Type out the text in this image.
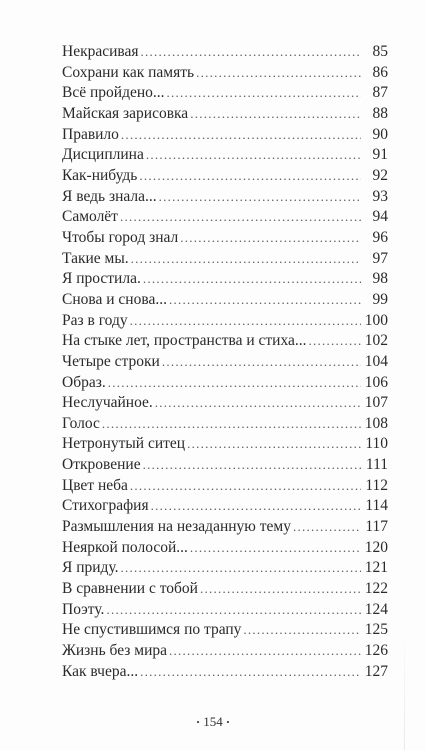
Некрасивая . . .	85
Сохрани как память . . .	86
Всё пройдено... . . .	87
Майская зарисовка . . .	88
Правило . . .	90
Дисциплина . . .	91
Как-нибудь . . .	92
Я ведь знала... . . .	93
Самолёт . . .	94
Чтобы город знал . . .	96
Такие мы. . . .	97
Я простила. . . .	98
Снова и снова... . . .	99
Раз в году . . .	100
На стыке лет, пространства и стиха... . . .	102
Четыре строки . . .	104
Образ. . . .	106
Неслучайное. . . .	107
Голос . . .	108
Нетронутый ситец . . .	110
Откровение . . .	111
Цвет неба . . .	112
Стихография . . .	114
Размышления на незаданную тему . . .	117
Неяркой полосой... . . .	120
Я приду. . . .	121
В сравнении с тобой . . .	122
Поэту. . . .	124
Не спустившимся по трапу . . .	125
Жизнь без мира . . .	126
Как вчера... . . .	127
· 154 ·
